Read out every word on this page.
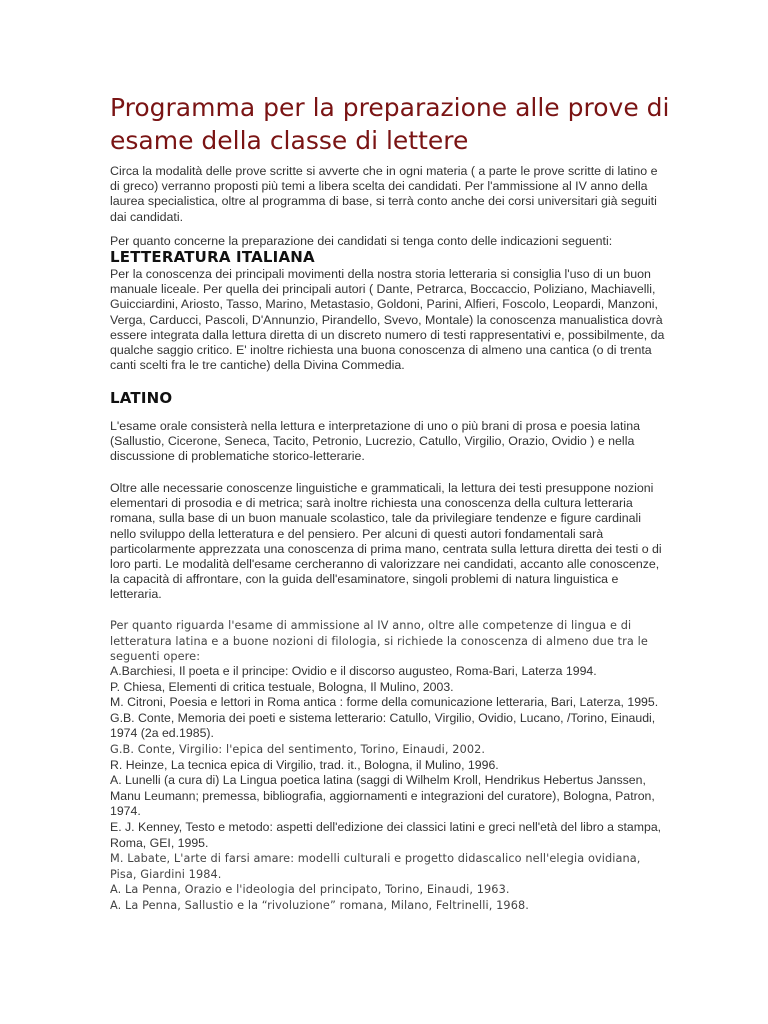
Programma per la preparazione alle prove di esame della classe di lettere

Circa la modalità delle prove scritte si avverte che in ogni materia ( a parte le prove scritte di latino e di greco) verranno proposti più temi a libera scelta dei candidati. Per l'ammissione al IV anno della laurea specialistica, oltre al programma di base, si terrà conto anche dei corsi universitari già seguiti dai candidati.

Per quanto concerne la preparazione dei candidati si tenga conto delle indicazioni seguenti:

LETTERATURA ITALIANA

Per la conoscenza dei principali movimenti della nostra storia letteraria si consiglia l'uso di un buon manuale liceale. Per quella dei principali autori ( Dante, Petrarca, Boccaccio, Poliziano, Machiavelli, Guicciardini, Ariosto, Tasso, Marino, Metastasio, Goldoni, Parini, Alfieri, Foscolo, Leopardi, Manzoni, Verga, Carducci, Pascoli, D'Annunzio, Pirandello, Svevo, Montale) la conoscenza manualistica dovrà essere integrata dalla lettura diretta di un discreto numero di testi rappresentativi e, possibilmente, da qualche saggio critico. E' inoltre richiesta una buona conoscenza di almeno una cantica (o di trenta canti scelti fra le tre cantiche) della Divina Commedia.

LATINO

L'esame orale consisterà nella lettura e interpretazione di uno o più brani di prosa e poesia latina (Sallustio, Cicerone, Seneca, Tacito, Petronio, Lucrezio, Catullo, Virgilio, Orazio, Ovidio ) e nella discussione di problematiche storico-letterarie.

Oltre alle necessarie conoscenze linguistiche e grammaticali, la lettura dei testi presuppone nozioni elementari di prosodia e di metrica; sarà inoltre richiesta una conoscenza della cultura letteraria romana, sulla base di un buon manuale scolastico, tale da privilegiare tendenze e figure cardinali nello sviluppo della letteratura e del pensiero. Per alcuni di questi autori fondamentali sarà particolarmente apprezzata una conoscenza di prima mano, centrata sulla lettura diretta dei testi o di loro parti. Le modalità dell'esame cercheranno di valorizzare nei candidati, accanto alle conoscenze, la capacità di affrontare, con la guida dell'esaminatore, singoli problemi di natura linguistica e letteraria.

Per quanto riguarda l'esame di ammissione al IV anno, oltre alle competenze di lingua e di letteratura latina e a buone nozioni di filologia, si richiede la conoscenza di almeno due tra le seguenti opere:

A.Barchiesi, Il poeta e il principe: Ovidio e il discorso augusteo, Roma-Bari, Laterza 1994.
P. Chiesa, Elementi di critica testuale, Bologna, Il Mulino, 2003.
M. Citroni, Poesia e lettori in Roma antica : forme della comunicazione letteraria, Bari, Laterza, 1995.
G.B. Conte, Memoria dei poeti e sistema letterario: Catullo, Virgilio, Ovidio, Lucano, /Torino, Einaudi, 1974 (2a ed.1985).
G.B. Conte, Virgilio: l'epica del sentimento, Torino, Einaudi, 2002.
R. Heinze, La tecnica epica di Virgilio, trad. it., Bologna, il Mulino, 1996.
A. Lunelli (a cura di) La Lingua poetica latina (saggi di Wilhelm Kroll, Hendrikus Hebertus Janssen, Manu Leumann; premessa, bibliografia, aggiornamenti e integrazioni del curatore), Bologna, Patron, 1974.
E. J. Kenney, Testo e metodo: aspetti dell'edizione dei classici latini e greci nell'età del libro a stampa, Roma, GEI, 1995.
M. Labate, L'arte di farsi amare: modelli culturali e progetto didascalico nell'elegia ovidiana, Pisa, Giardini 1984.
A. La Penna, Orazio e l'ideologia del principato, Torino, Einaudi, 1963.
A. La Penna, Sallustio e la “rivoluzione” romana, Milano, Feltrinelli, 1968.
